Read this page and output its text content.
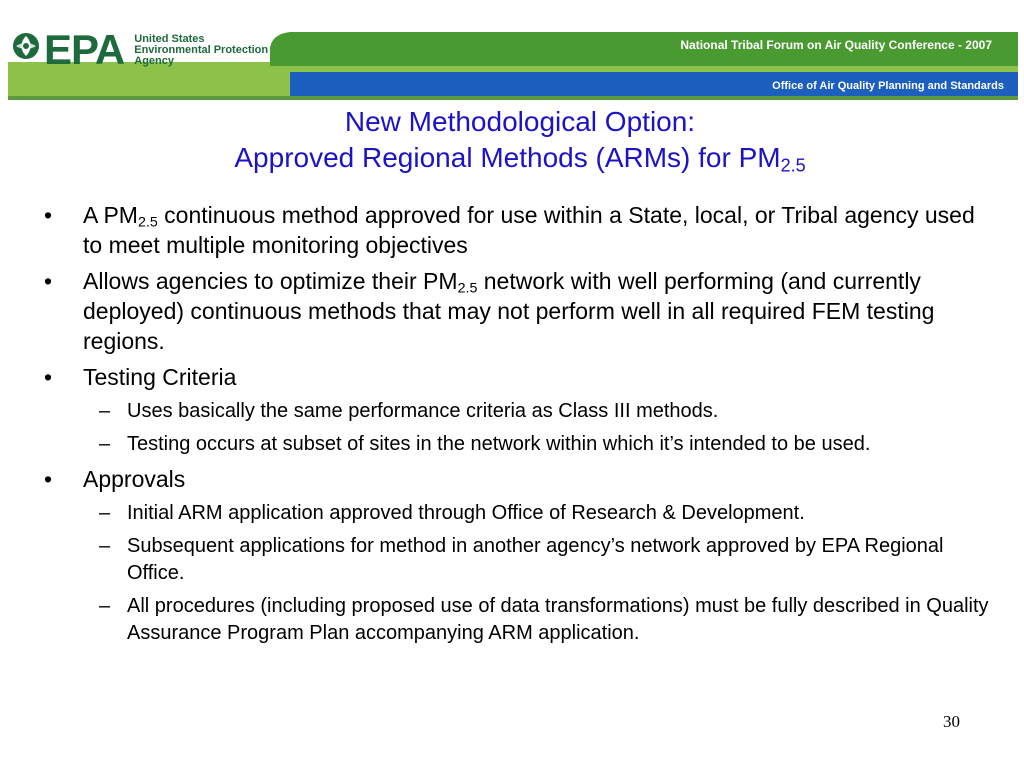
EPA United States
Environmental Protection
Agency
National Tribal Forum on Air Quality Conference - 2007
Office of Air Quality Planning and Standards
New Methodological Option:
Approved Regional Methods (ARMs) for $PM_{2.5}$
• A $PM_{2.5}$ continuous method approved for use within a State, local, or Tribal agency used to meet multiple monitoring objectives
• Allows agencies to optimize their $PM_{2.5}$ network with well performing (and currently deployed) continuous methods that may not perform well in all required FEM testing regions.
• Testing Criteria
– Uses basically the same performance criteria as Class III methods.
– Testing occurs at subset of sites in the network within which it’s intended to be used.
• Approvals
– Initial ARM application approved through Office of Research & Development.
– Subsequent applications for method in another agency’s network approved by EPA Regional Office.
– All procedures (including proposed use of data transformations) must be fully described in Quality Assurance Program Plan accompanying ARM application.
30
